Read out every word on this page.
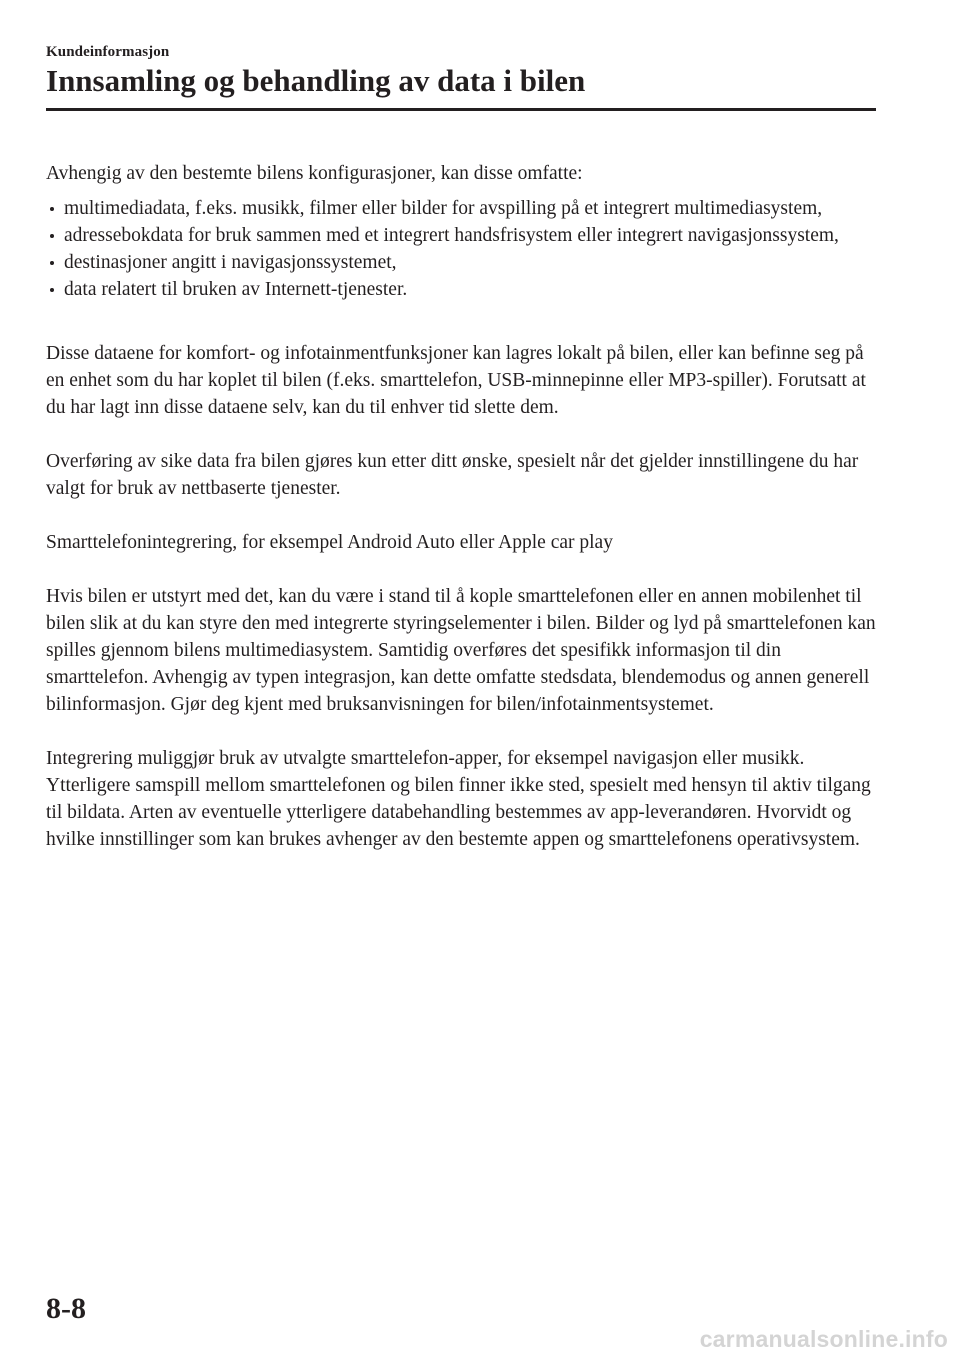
Kundeinformasjon
Innsamling og behandling av data i bilen

Avhengig av den bestemte bilens konfigurasjoner, kan disse omfatte:

multimediadata, f.eks. musikk, filmer eller bilder for avspilling på et integrert multimediasystem,
adressebokdata for bruk sammen med et integrert handsfrisystem eller integrert navigasjonssystem,
destinasjoner angitt i navigasjonssystemet,
data relatert til bruken av Internett-tjenester.

Disse dataene for komfort- og infotainmentfunksjoner kan lagres lokalt på bilen, eller kan befinne seg på en enhet som du har koplet til bilen (f.eks. smarttelefon, USB-minnepinne eller MP3-spiller). Forutsatt at du har lagt inn disse dataene selv, kan du til enhver tid slette dem.

Overføring av sike data fra bilen gjøres kun etter ditt ønske, spesielt når det gjelder innstillingene du har valgt for bruk av nettbaserte tjenester.

Smarttelefonintegrering, for eksempel Android Auto eller Apple car play

Hvis bilen er utstyrt med det, kan du være i stand til å kople smarttelefonen eller en annen mobilenhet til bilen slik at du kan styre den med integrerte styringselementer i bilen. Bilder og lyd på smarttelefonen kan spilles gjennom bilens multimediasystem. Samtidig overføres det spesifikk informasjon til din smarttelefon. Avhengig av typen integrasjon, kan dette omfatte stedsdata, blendemodus og annen generell bilinformasjon. Gjør deg kjent med bruksanvisningen for bilen/infotainmentsystemet.

Integrering muliggjør bruk av utvalgte smarttelefon-apper, for eksempel navigasjon eller musikk. Ytterligere samspill mellom smarttelefonen og bilen finner ikke sted, spesielt med hensyn til aktiv tilgang til bildata. Arten av eventuelle ytterligere databehandling bestemmes av app-leverandøren. Hvorvidt og hvilke innstillinger som kan brukes avhenger av den bestemte appen og smarttelefonens operativsystem.

8-8
carmanualsonline.info
